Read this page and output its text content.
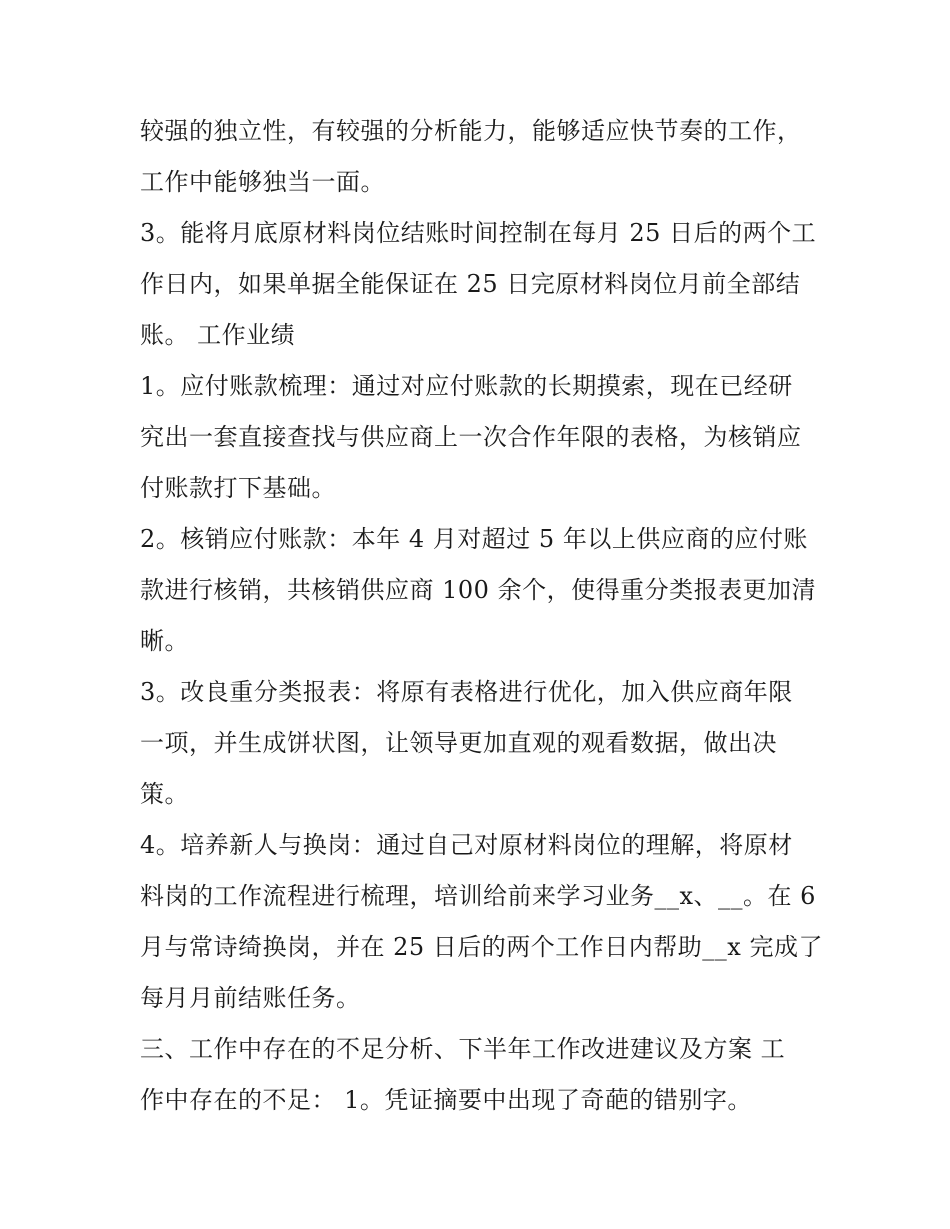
较强的独立性，有较强的分析能力，能够适应快节奏的工作，
工作中能够独当一面。
3。能将月底原材料岗位结账时间控制在每月 25 日后的两个工
作日内，如果单据全能保证在 25 日完原材料岗位月前全部结
账。 工作业绩
1。应付账款梳理：通过对应付账款的长期摸索，现在已经研
究出一套直接查找与供应商上一次合作年限的表格，为核销应
付账款打下基础。
2。核销应付账款：本年 4 月对超过 5 年以上供应商的应付账
款进行核销，共核销供应商 100 余个，使得重分类报表更加清
晰。
3。改良重分类报表：将原有表格进行优化，加入供应商年限
一项，并生成饼状图，让领导更加直观的观看数据，做出决
策。
4。培养新人与换岗：通过自己对原材料岗位的理解，将原材
料岗的工作流程进行梳理，培训给前来学习业务__x、__。在 6
月与常诗绮换岗，并在 25 日后的两个工作日内帮助__x 完成了
每月月前结账任务。
三、工作中存在的不足分析、下半年工作改进建议及方案 工
作中存在的不足： 1。凭证摘要中出现了奇葩的错别字。
